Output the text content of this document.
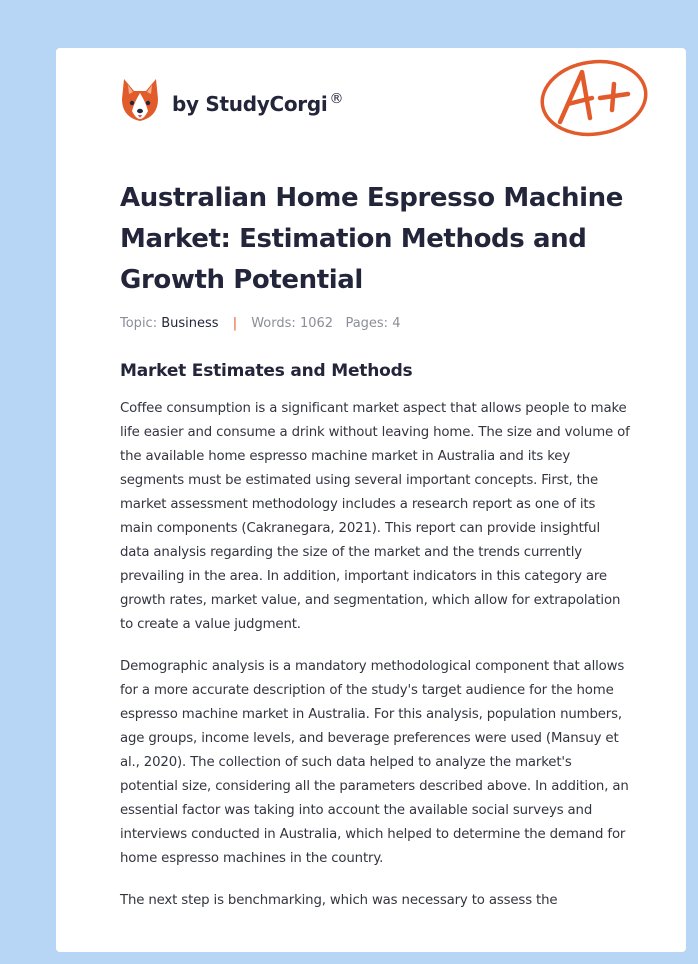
by StudyCorgi ®
Australian Home Espresso Machine Market: Estimation Methods and Growth Potential
Topic: Business | Words: 1062 Pages: 4
Market Estimates and Methods

Coffee consumption is a significant market aspect that allows people to make life easier and consume a drink without leaving home. The size and volume of the available home espresso machine market in Australia and its key segments must be estimated using several important concepts. First, the market assessment methodology includes a research report as one of its main components (Cakranegara, 2021). This report can provide insightful data analysis regarding the size of the market and the trends currently prevailing in the area. In addition, important indicators in this category are growth rates, market value, and segmentation, which allow for extrapolation to create a value judgment.

Demographic analysis is a mandatory methodological component that allows for a more accurate description of the study's target audience for the home espresso machine market in Australia. For this analysis, population numbers, age groups, income levels, and beverage preferences were used (Mansuy et al., 2020). The collection of such data helped to analyze the market's potential size, considering all the parameters described above. In addition, an essential factor was taking into account the available social surveys and interviews conducted in Australia, which helped to determine the demand for home espresso machines in the country.

The next step is benchmarking, which was necessary to assess the
